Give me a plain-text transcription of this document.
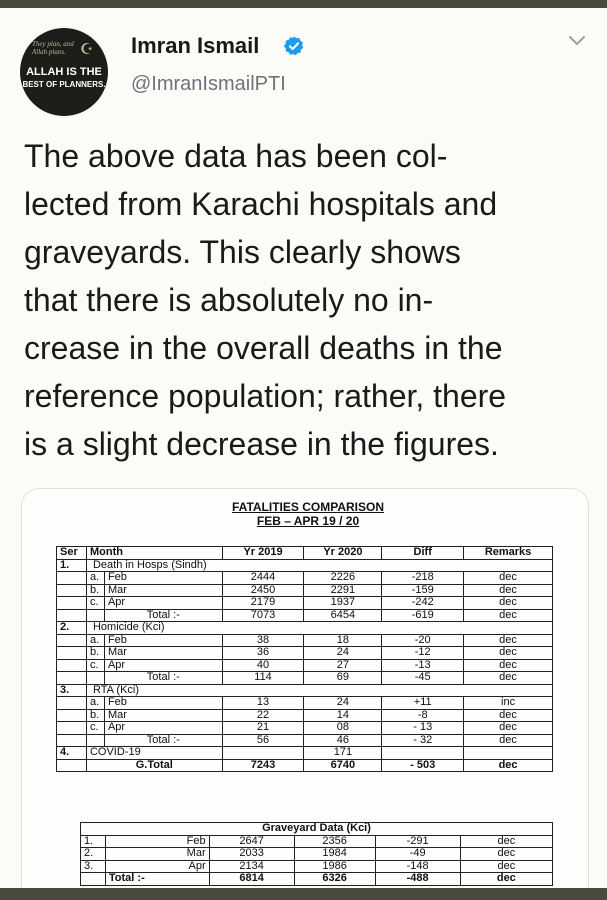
They plan, and Allah plans. ☪
ALLAH IS THE
BEST OF PLANNERS.
Imran Ismail
@ImranIsmailPTI
The above data has been col-
lected from Karachi hospitals and
graveyards. This clearly shows
that there is absolutely no in-
crease in the overall deaths in the
reference population; rather, there
is a slight decrease in the figures.
FATALITIES COMPARISON
FEB – APR 19 / 20
Ser	Month		Yr 2019	Yr 2020	Diff	Remarks
1.	Death in Hosps (Sindh)					
	a.	Feb	2444	2226	-218	dec
	b.	Mar	2450	2291	-159	dec
	c.	Apr	2179	1937	-242	dec
		Total :-	7073	6454	-619	dec
2.	Homicide (Kci)					
	a.	Feb	38	18	-20	dec
	b.	Mar	36	24	-12	dec
	c.	Apr	40	27	-13	dec
		Total :-	114	69	-45	dec
3.	RTA (Kci)					
	a.	Feb	13	24	+11	inc
	b.	Mar	22	14	-8	dec
	c.	Apr	21	08	- 13	dec
		Total :-	56	46	- 32	dec
4.	COVID-19			171		
	G.Total		7243	6740	- 503	dec
Graveyard Data (Kci)					
1.	Feb	2647	2356	-291	dec
2.	Mar	2033	1984	-49	dec
3.	Apr	2134	1986	-148	dec
	Total :-	6814	6326	-488	dec
